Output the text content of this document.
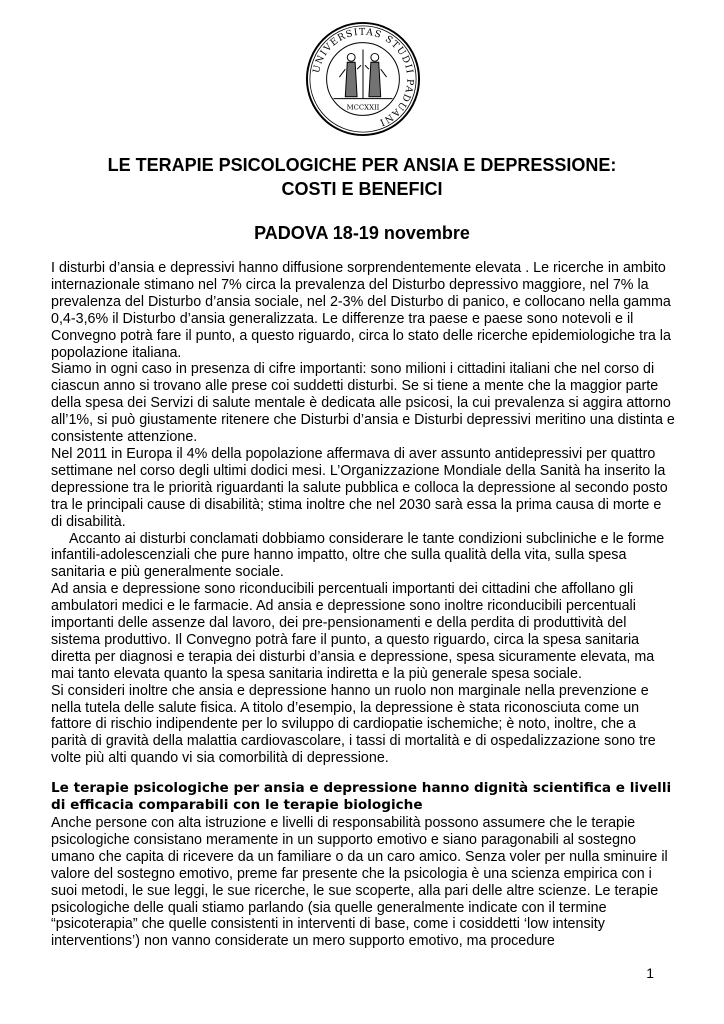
UNIVERSITAS STUDII PADUANI
MCCXXII
LE TERAPIE PSICOLOGICHE PER ANSIA E DEPRESSIONE:
COSTI E BENEFICI
PADOVA 18-19 novembre

I disturbi d’ansia e depressivi hanno diffusione sorprendentemente elevata . Le ricerche in ambito internazionale stimano nel 7% circa la prevalenza del Disturbo depressivo maggiore, nel 7% la prevalenza del Disturbo d’ansia sociale, nel 2-3% del Disturbo di panico, e collocano nella gamma 0,4-3,6% il Disturbo d’ansia generalizzata. Le differenze tra paese e paese sono notevoli e il Convegno potrà fare il punto, a questo riguardo, circa lo stato delle ricerche epidemiologiche tra la popolazione italiana.

Siamo in ogni caso in presenza di cifre importanti: sono milioni i cittadini italiani che nel corso di ciascun anno si trovano alle prese coi suddetti disturbi. Se si tiene a mente che la maggior parte della spesa dei Servizi di salute mentale è dedicata alle psicosi, la cui prevalenza si aggira attorno all’1%, si può giustamente ritenere che Disturbi d’ansia e Disturbi depressivi meritino una distinta e consistente attenzione.

Nel 2011 in Europa il 4% della popolazione affermava di aver assunto antidepressivi per quattro settimane nel corso degli ultimi dodici mesi. L’Organizzazione Mondiale della Sanità ha inserito la depressione tra le priorità riguardanti la salute pubblica e colloca la depressione al secondo posto tra le principali cause di disabilità; stima inoltre che nel 2030 sarà essa la prima causa di morte e di disabilità.

Accanto ai disturbi conclamati dobbiamo considerare le tante condizioni subcliniche e le forme infantili-adolescenziali che pure hanno impatto, oltre che sulla qualità della vita, sulla spesa sanitaria e più generalmente sociale.

Ad ansia e depressione sono riconducibili percentuali importanti dei cittadini che affollano gli ambulatori medici e le farmacie. Ad ansia e depressione sono inoltre riconducibili percentuali importanti delle assenze dal lavoro, dei pre-pensionamenti e della perdita di produttività del sistema produttivo. Il Convegno potrà fare il punto, a questo riguardo, circa la spesa sanitaria diretta per diagnosi e terapia dei disturbi d’ansia e depressione, spesa sicuramente elevata, ma mai tanto elevata quanto la spesa sanitaria indiretta e la più generale spesa sociale.

Si consideri inoltre che ansia e depressione hanno un ruolo non marginale nella prevenzione e nella tutela delle salute fisica. A titolo d’esempio, la depressione è stata riconosciuta come un fattore di rischio indipendente per lo sviluppo di cardiopatie ischemiche; è noto, inoltre, che a parità di gravità della malattia cardiovascolare, i tassi di mortalità e di ospedalizzazione sono tre volte più alti quando vi sia comorbilità di depressione.

Le terapie psicologiche per ansia e depressione hanno dignità scientifica e livelli di efficacia comparabili con le terapie biologiche

Anche persone con alta istruzione e livelli di responsabilità possono assumere che le terapie psicologiche consistano meramente in un supporto emotivo e siano paragonabili al sostegno umano che capita di ricevere da un familiare o da un caro amico. Senza voler per nulla sminuire il valore del sostegno emotivo, preme far presente che la psicologia è una scienza empirica con i suoi metodi, le sue leggi, le sue ricerche, le sue scoperte, alla pari delle altre scienze. Le terapie psicologiche delle quali stiamo parlando (sia quelle generalmente indicate con il termine “psicoterapia” che quelle consistenti in interventi di base, come i cosiddetti ‘low intensity interventions’) non vanno considerate un mero supporto emotivo, ma procedure

1
